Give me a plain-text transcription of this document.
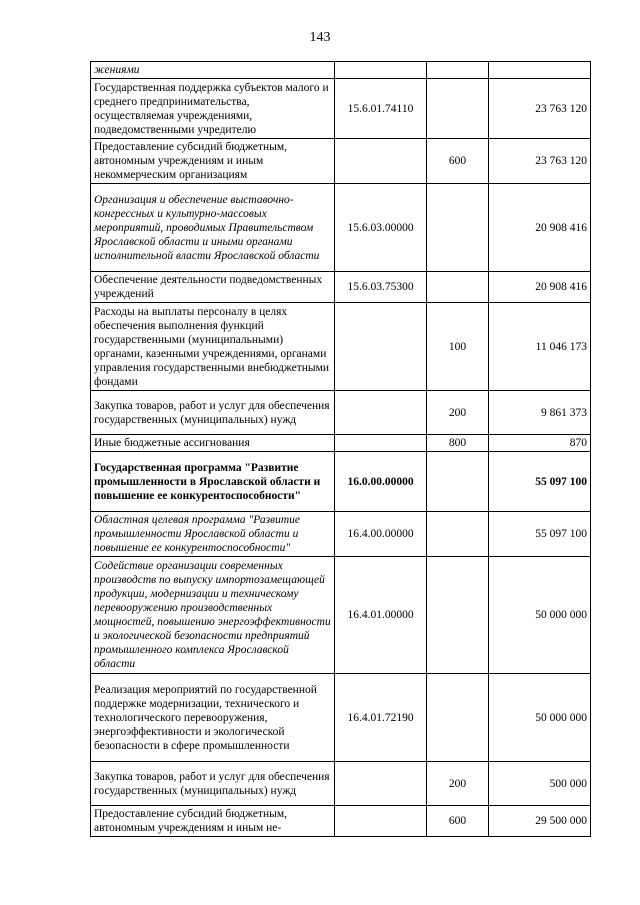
143
жениями			
Государственная поддержка субъектов малого и среднего предпринимательства, осуществляемая учреждениями, подведомственными учредителю	15.6.01.74110		23 763 120
Предоставление субсидий бюджетным, автономным учреждениям и иным некоммерческим организациям		600	23 763 120
Организация и обеспечение выставочно-конгрессных и культурно-массовых мероприятий, проводимых Правительством Ярославской области и иными органами исполнительной власти Ярославской области	15.6.03.00000		20 908 416
Обеспечение деятельности подведомственных учреждений	15.6.03.75300		20 908 416
Расходы на выплаты персоналу в целях обеспечения выполнения функций государственными (муниципальными) органами, казенными учреждениями, органами управления государственными внебюджетными фондами		100	11 046 173
Закупка товаров, работ и услуг для обеспечения государственных (муниципальных) нужд		200	9 861 373
Иные бюджетные ассигнования		800	870
Государственная программа "Развитие промышленности в Ярославской области и повышение ее конкурентоспособности"	16.0.00.00000		55 097 100
Областная целевая программа "Развитие промышленности Ярославской области и повышение ее конкурентоспособности"	16.4.00.00000		55 097 100
Содействие организации современных производств по выпуску импортозамещающей продукции, модернизации и техническому перевооружению производственных мощностей, повышению энергоэффективности и экологической безопасности предприятий промышленного комплекса Ярославской области	16.4.01.00000		50 000 000
Реализация мероприятий по государственной поддержке модернизации, технического и технологического перевооружения, энергоэффективности и экологической безопасности в сфере промышленности	16.4.01.72190		50 000 000
Закупка товаров, работ и услуг для обеспечения государственных (муниципальных) нужд		200	500 000
Предоставление субсидий бюджетным, автономным учреждениям и иным не-		600	29 500 000
